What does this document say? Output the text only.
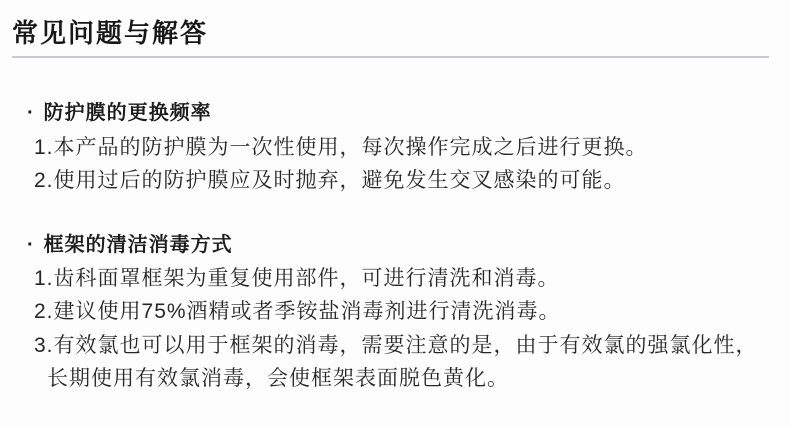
常见问题与解答
· 防护膜的更换频率

1.本产品的防护膜为一次性使用，每次操作完成之后进行更换。

2.使用过后的防护膜应及时抛弃，避免发生交叉感染的可能。

· 框架的清洁消毒方式

1.齿科面罩框架为重复使用部件，可进行清洗和消毒。

2.建议使用75%酒精或者季铵盐消毒剂进行清洗消毒。

3.有效氯也可以用于框架的消毒，需要注意的是，由于有效氯的强氯化性，

长期使用有效氯消毒，会使框架表面脱色黄化。
